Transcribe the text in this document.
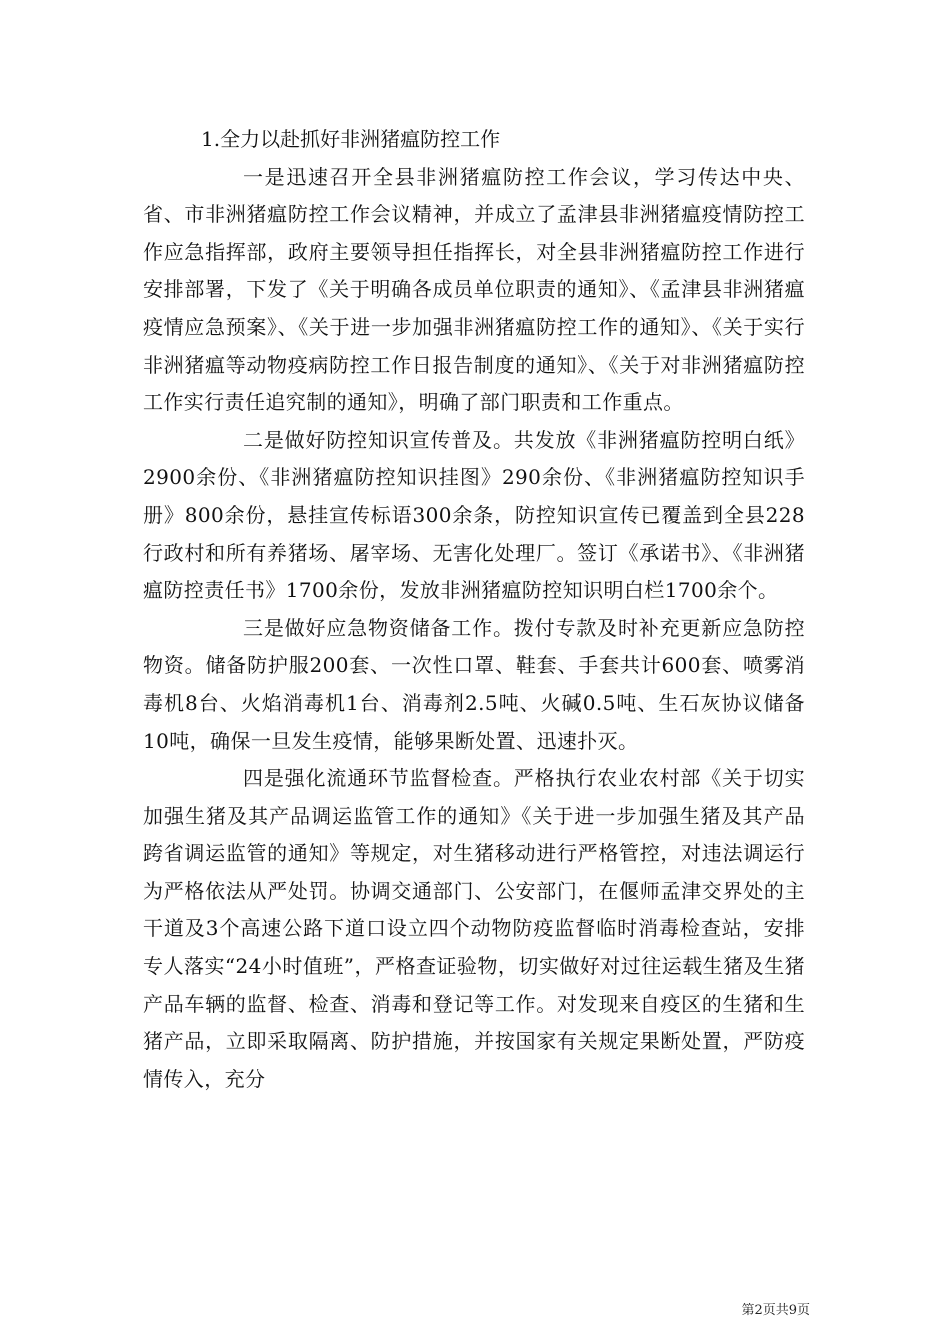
1.全力以赴抓好非洲猪瘟防控工作

一是迅速召开全县非洲猪瘟防控工作会议，学习传达中央、省、市非洲猪瘟防控工作会议精神，并成立了孟津县非洲猪瘟疫情防控工作应急指挥部，政府主要领导担任指挥长，对全县非洲猪瘟防控工作进行安排部署，下发了《关于明确各成员单位职责的通知》、《孟津县非洲猪瘟疫情应急预案》、《关于进一步加强非洲猪瘟防控工作的通知》、《关于实行非洲猪瘟等动物疫病防控工作日报告制度的通知》、《关于对非洲猪瘟防控工作实行责任追究制的通知》，明确了部门职责和工作重点。

二是做好防控知识宣传普及。共发放《非洲猪瘟防控明白纸》2900余份、《非洲猪瘟防控知识挂图》290余份、《非洲猪瘟防控知识手册》800余份，悬挂宣传标语300余条，防控知识宣传已覆盖到全县228行政村和所有养猪场、屠宰场、无害化处理厂。签订《承诺书》、《非洲猪瘟防控责任书》1700余份，发放非洲猪瘟防控知识明白栏1700余个。

三是做好应急物资储备工作。拨付专款及时补充更新应急防控物资。储备防护服200套、一次性口罩、鞋套、手套共计600套、喷雾消毒机8台、火焰消毒机1台、消毒剂2.5吨、火碱0.5吨、生石灰协议储备10吨，确保一旦发生疫情，能够果断处置、迅速扑灭。

四是强化流通环节监督检查。严格执行农业农村部《关于切实加强生猪及其产品调运监管工作的通知》《关于进一步加强生猪及其产品跨省调运监管的通知》等规定，对生猪移动进行严格管控，对违法调运行为严格依法从严处罚。协调交通部门、公安部门，在偃师孟津交界处的主干道及3个高速公路下道口设立四个动物防疫监督临时消毒检查站，安排专人落实“24小时值班”，严格查证验物，切实做好对过往运载生猪及生猪产品车辆的监督、检查、消毒和登记等工作。对发现来自疫区的生猪和生猪产品，立即采取隔离、防护措施，并按国家有关规定果断处置，严防疫情传入，充分

第2页共9页
